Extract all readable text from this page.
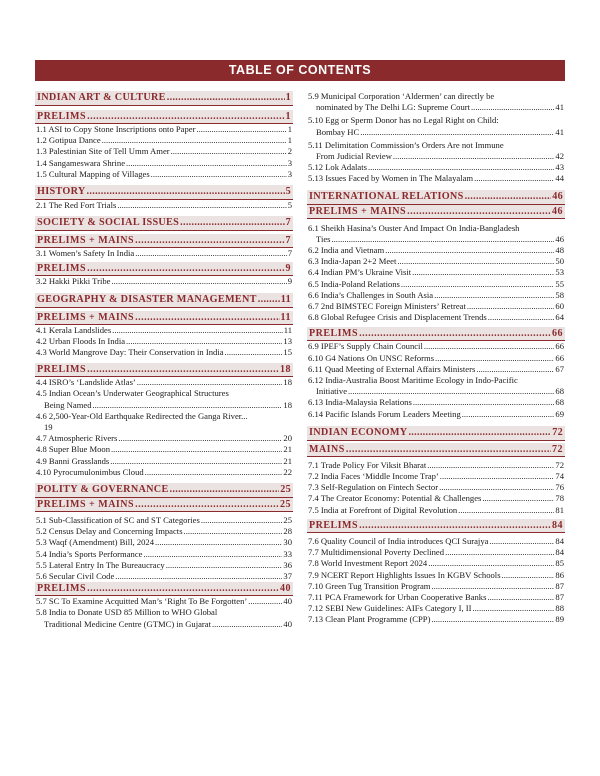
TABLE OF CONTENTS
INDIAN ART & CULTURE .....	1
PRELIMS .....	1
1.1 ASI to Copy Stone Inscriptions onto Paper .....	1
1.2 Gotipua Dance .....	1
1.3 Palestinian Site of Tell Umm Amer .....	2
1.4 Sangameswara Shrine .....	3
1.5 Cultural Mapping of Villages .....	3
HISTORY .....	5
2.1 The Red Fort Trials .....	5
SOCIETY & SOCIAL ISSUES .....	7
PRELIMS + MAINS .....	7
3.1 Women’s Safety In India .....	7
PRELIMS .....	9
3.2 Hakki Pikki Tribe .....	9
GEOGRAPHY & DISASTER MANAGEMENT ..... 11
PRELIMS + MAINS .....	11
4.1 Kerala Landslides .....	11
4.2 Urban Floods In India .....	13
4.3 World Mangrove Day: Their Conservation in India .....	15
PRELIMS .....	18
4.4 ISRO’s ‘Landslide Atlas’ .....	18
4.5 Indian Ocean’s Underwater Geographical Structures
Being Named .....	18
4.6 2,500-Year-Old Earthquake Redirected the Ganga River...
19
4.7 Atmospheric Rivers .....	20
4.8 Super Blue Moon .....	21
4.9 Banni Grasslands .....	21
4.10 Pyrocumulonimbus Cloud .....	22
POLITY & GOVERNANCE .....	25
PRELIMS + MAINS .....	25
5.1 Sub-Classification of SC and ST Categories .....	25
5.2 Census Delay and Concerning Impacts .....	28
5.3 Waqf (Amendment) Bill, 2024 .....	30
5.4 India’s Sports Performance .....	33
5.5 Lateral Entry In The Bureaucracy .....	36
5.6 Secular Civil Code .....	37
PRELIMS .....	40
5.7 SC To Examine Acquitted Man’s ‘Right To Be Forgotten’ .....	40
5.8 India to Donate USD 85 Million to WHO Global
Traditional Medicine Centre (GTMC) in Gujarat .....	40
5.9 Municipal Corporation ‘Aldermen’ can directly be
nominated by The Delhi LG: Supreme Court .....	41
5.10 Egg or Sperm Donor has no Legal Right on Child:
Bombay HC .....	41
5.11 Delimitation Commission’s Orders Are not Immune
From Judicial Review .....	42
5.12 Lok Adalats .....	43
5.13 Issues Faced by Women in The Malayalam .....	44
INTERNATIONAL RELATIONS .....	46
PRELIMS + MAINS .....	46
6.1 Sheikh Hasina’s Ouster And Impact On India-Bangladesh
Ties .....	46
6.2 India and Vietnam .....	48
6.3 India-Japan 2+2 Meet .....	50
6.4 Indian PM’s Ukraine Visit .....	53
6.5 India-Poland Relations .....	55
6.6 India’s Challenges in South Asia .....	58
6.7 2nd BIMSTEC Foreign Ministers’ Retreat .....	60
6.8 Global Refugee Crisis and Displacement Trends .....	64
PRELIMS .....	66
6.9 IPEF’s Supply Chain Council .....	66
6.10 G4 Nations On UNSC Reforms .....	66
6.11 Quad Meeting of External Affairs Ministers .....	67
6.12 India-Australia Boost Maritime Ecology in Indo-Pacific
Initiative .....	68
6.13 India-Malaysia Relations .....	68
6.14 Pacific Islands Forum Leaders Meeting .....	69
INDIAN ECONOMY .....	72
MAINS .....	72
7.1 Trade Policy For Viksit Bharat .....	72
7.2 India Faces ‘Middle Income Trap’ .....	74
7.3 Self-Regulation on Fintech Sector .....	76
7.4 The Creator Economy: Potential & Challenges .....	78
7.5 India at Forefront of Digital Revolution .....	81
PRELIMS .....	84
7.6 Quality Council of India introduces QCI Surajya .....	84
7.7 Multidimensional Poverty Declined .....	84
7.8 World Investment Report 2024 .....	85
7.9 NCERT Report Highlights Issues In KGBV Schools .....	86
7.10 Green Tug Transition Program .....	87
7.11 PCA Framework for Urban Cooperative Banks .....	87
7.12 SEBI New Guidelines: AIFs Category I, II .....	88
7.13 Clean Plant Programme (CPP) .....	89
